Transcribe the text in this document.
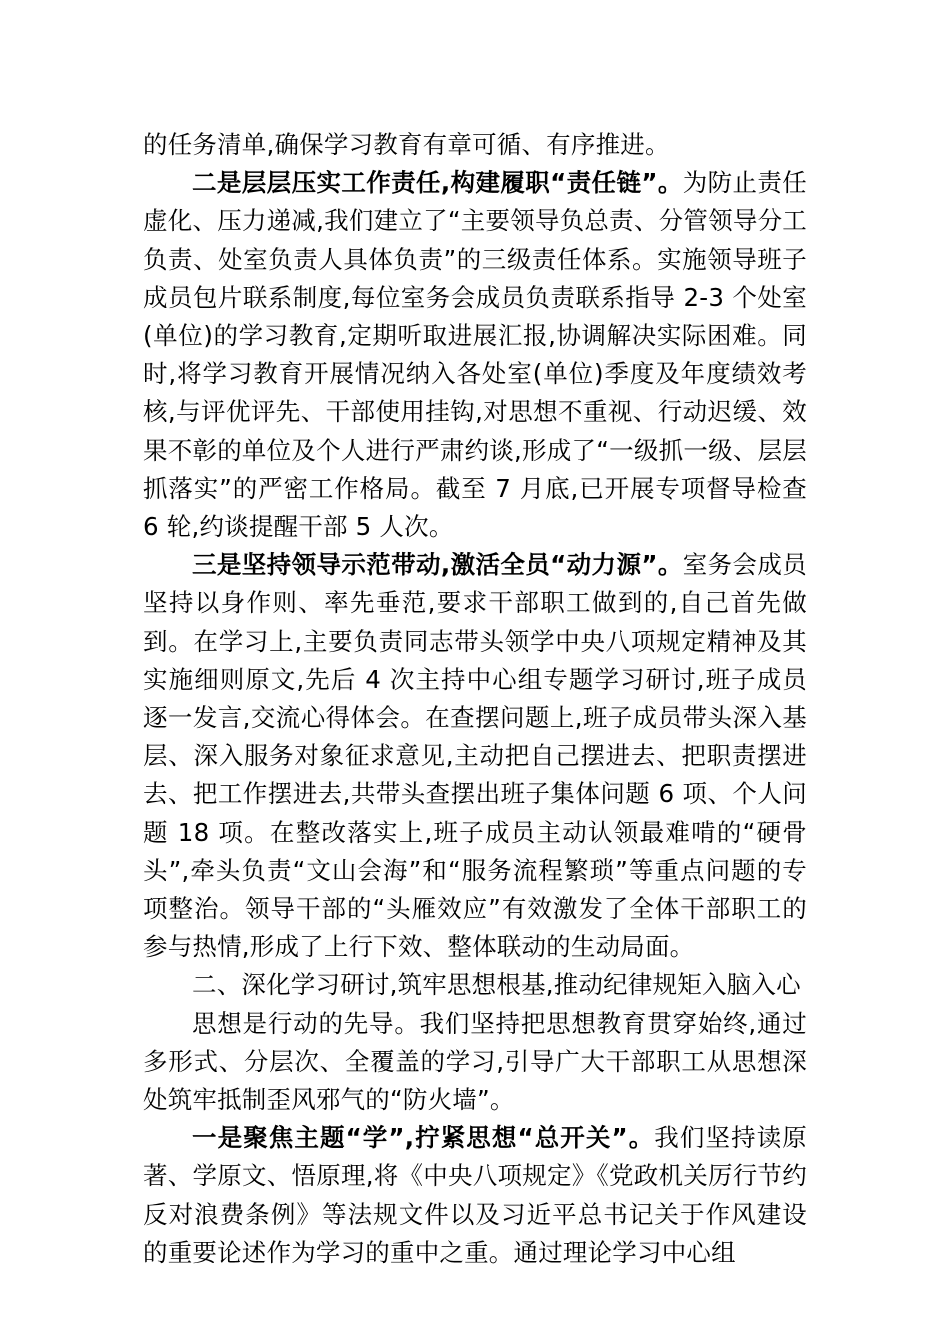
的任务清单,确保学习教育有章可循、有序推进。

二是层层压实工作责任,构建履职“责任链”。为防止责任虚化、压力递减,我们建立了“主要领导负总责、分管领导分工负责、处室负责人具体负责”的三级责任体系。实施领导班子成员包片联系制度,每位室务会成员负责联系指导 2-3 个处室(单位)的学习教育,定期听取进展汇报,协调解决实际困难。同时,将学习教育开展情况纳入各处室(单位)季度及年度绩效考核,与评优评先、干部使用挂钩,对思想不重视、行动迟缓、效果不彰的单位及个人进行严肃约谈,形成了“一级抓一级、层层抓落实”的严密工作格局。截至 7 月底,已开展专项督导检查 6 轮,约谈提醒干部 5 人次。

三是坚持领导示范带动,激活全员“动力源”。室务会成员坚持以身作则、率先垂范,要求干部职工做到的,自己首先做到。在学习上,主要负责同志带头领学中央八项规定精神及其实施细则原文,先后 4 次主持中心组专题学习研讨,班子成员逐一发言,交流心得体会。在查摆问题上,班子成员带头深入基层、深入服务对象征求意见,主动把自己摆进去、把职责摆进去、把工作摆进去,共带头查摆出班子集体问题 6 项、个人问题 18 项。在整改落实上,班子成员主动认领最难啃的“硬骨头”,牵头负责“文山会海”和“服务流程繁琐”等重点问题的专项整治。领导干部的“头雁效应”有效激发了全体干部职工的参与热情,形成了上行下效、整体联动的生动局面。

二、深化学习研讨,筑牢思想根基,推动纪律规矩入脑入心

思想是行动的先导。我们坚持把思想教育贯穿始终,通过多形式、分层次、全覆盖的学习,引导广大干部职工从思想深处筑牢抵制歪风邪气的“防火墙”。

一是聚焦主题“学”,拧紧思想“总开关”。我们坚持读原著、学原文、悟原理,将《中央八项规定》《党政机关厉行节约反对浪费条例》等法规文件以及习近平总书记关于作风建设的重要论述作为学习的重中之重。通过理论学习中心组
